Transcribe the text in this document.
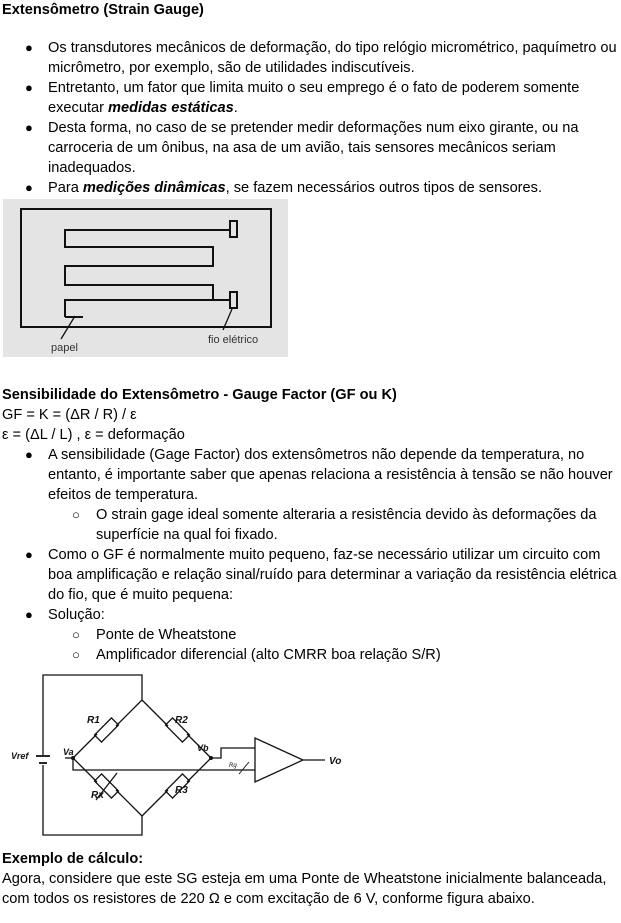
Extensômetro (Strain Gauge)
● Os transdutores mecânicos de deformação, do tipo relógio micrométrico, paquímetro ou micrômetro, por exemplo, são de utilidades indiscutíveis.
● Entretanto, um fator que limita muito o seu emprego é o fato de poderem somente executar medidas estáticas.
● Desta forma, no caso de se pretender medir deformações num eixo girante, ou na carroceria de um ônibus, na asa de um avião, tais sensores mecânicos seriam inadequados.
● Para medições dinâmicas, se fazem necessários outros tipos de sensores.
papel
fio elétrico
Sensibilidade do Extensômetro - Gauge Factor (GF ou K)
GF = K = (ΔR / R) / ε
ε = (ΔL / L) , ε = deformação
● A sensibilidade (Gage Factor) dos extensômetros não depende da temperatura, no entanto, é importante saber que apenas relaciona a resistência à tensão se não houver efeitos de temperatura.
○ O strain gage ideal somente alteraria a resistência devido às deformações da superfície na qual foi fixado.
● Como o GF é normalmente muito pequeno, faz-se necessário utilizar um circuito com boa amplificação e relação sinal/ruído para determinar a variação da resistência elétrica do fio, que é muito pequena:
● Solução:
○ Ponte de Wheatstone
○ Amplificador diferencial (alto CMRR boa relação S/R)
R1	R2
Rx	R3
Vref	Va	Vb
Vo
Rg
Exemplo de cálculo:
Agora, considere que este SG esteja em uma Ponte de Wheatstone inicialmente balanceada, com todos os resistores de 220 Ω e com excitação de 6 V, conforme figura abaixo.
